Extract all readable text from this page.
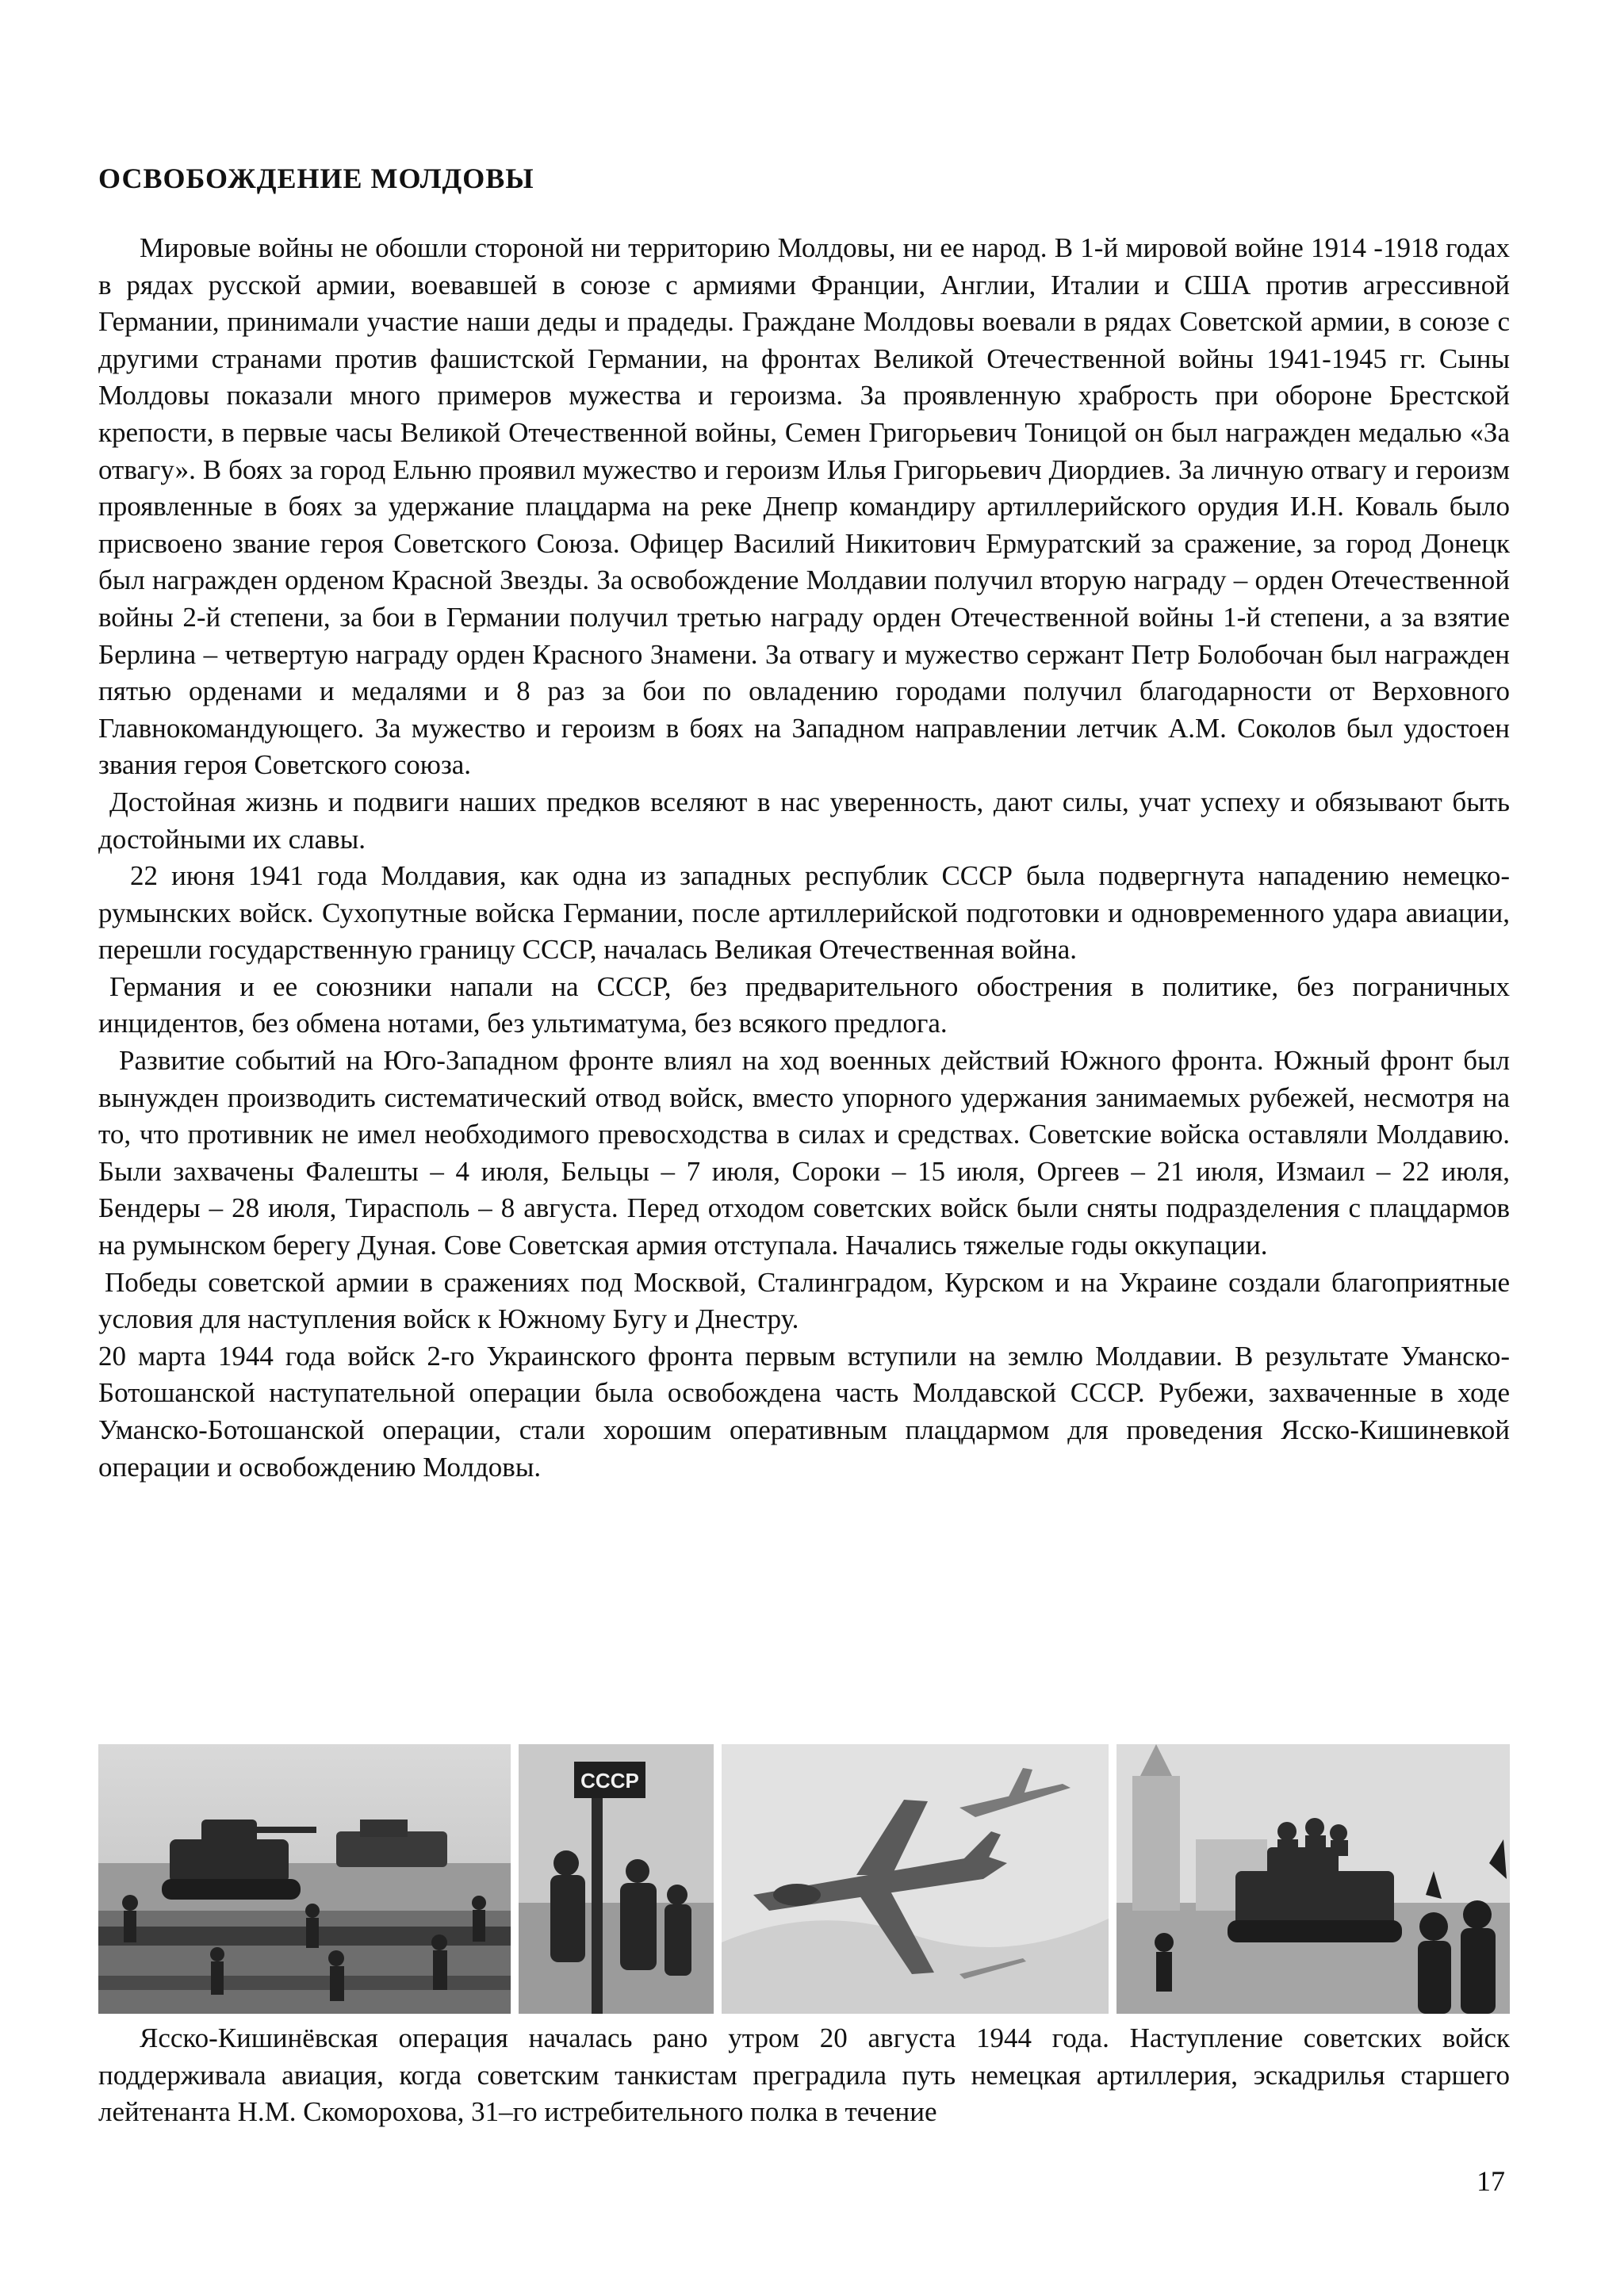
ОСВОБОЖДЕНИЕ МОЛДОВЫ

Мировые войны не обошли стороной ни территорию Молдовы, ни ее народ. В 1-й мировой войне 1914 -1918 годах в рядах русской армии, воевавшей в союзе с армиями Франции, Англии, Италии и США против агрессивной Германии, принимали участие наши деды и прадеды. Граждане Молдовы воевали в рядах Советской армии, в союзе с другими странами против фашистской Германии, на фронтах Великой Отечественной войны 1941-1945 гг. Сыны Молдовы показали много примеров мужества и героизма. За проявленную храбрость при обороне Брестской крепости, в первые часы Великой Отечественной войны, Семен Григорьевич Тоницой он был награжден медалью «За отвагу». В боях за город Ельню проявил мужество и героизм Илья Григорьевич Диордиев. За личную отвагу и героизм проявленные в боях за удержание плацдарма на реке Днепр командиру артиллерийского орудия И.Н. Коваль было присвоено звание героя Советского Союза. Офицер Василий Никитович Ермуратский за сражение, за город Донецк был награжден орденом Красной Звезды. За освобождение Молдавии получил вторую награду – орден Отечественной войны 2-й степени, за бои в Германии получил третью награду орден Отечественной войны 1-й степени, а за взятие Берлина – четвертую награду орден Красного Знамени. За отвагу и мужество сержант Петр Болобочан был награжден пятью орденами и медалями и 8 раз за бои по овладению городами получил благодарности от Верховного Главнокомандующего. За мужество и героизм в боях на Западном направлении летчик А.М. Соколов был удостоен звания героя Советского союза.

Достойная жизнь и подвиги наших предков вселяют в нас уверенность, дают силы, учат успеху и обязывают быть достойными их славы.

22 июня 1941 года Молдавия, как одна из западных республик СССР была подвергнута нападению немецко-румынских войск. Сухопутные войска Германии, после артиллерийской подготовки и одновременного удара авиации, перешли государственную границу СССР, началась Великая Отечественная война.

Германия и ее союзники напали на СССР, без предварительного обострения в политике, без пограничных инцидентов, без обмена нотами, без ультиматума, без всякого предлога.

Развитие событий на Юго-Западном фронте влиял на ход военных действий Южного фронта. Южный фронт был вынужден производить систематический отвод войск, вместо упорного удержания занимаемых рубежей, несмотря на то, что противник не имел необходимого превосходства в силах и средствах. Советские войска оставляли Молдавию. Были захвачены Фалешты – 4 июля, Бельцы – 7 июля, Сороки – 15 июля, Оргеев – 21 июля, Измаил – 22 июля, Бендеры – 28 июля, Тирасполь – 8 августа. Перед отходом советских войск были сняты подразделения с плацдармов на румынском берегу Дуная. Сове Советская армия отступала. Начались тяжелые годы оккупации.

Победы советской армии в сражениях под Москвой, Сталинградом, Курском и на Украине создали благоприятные условия для наступления войск к Южному Бугу и Днестру.

20 марта 1944 года войск 2-го Украинского фронта первым вступили на землю Молдавии. В результате Уманско-Ботошанской наступательной операции была освобождена часть Молдавской СССР. Рубежи, захваченные в ходе Уманско-Ботошанской операции, стали хорошим оперативным плацдармом для проведения Ясско-Кишиневкой операции и освобождению Молдовы.

СССР

Ясско-Кишинёвская операция началась рано утром 20 августа 1944 года. Наступление советских войск поддерживала авиация, когда советским танкистам преградила путь немецкая артиллерия, эскадрилья старшего лейтенанта Н.М. Скоморохова, 31–го истребительного полка в течение

17
